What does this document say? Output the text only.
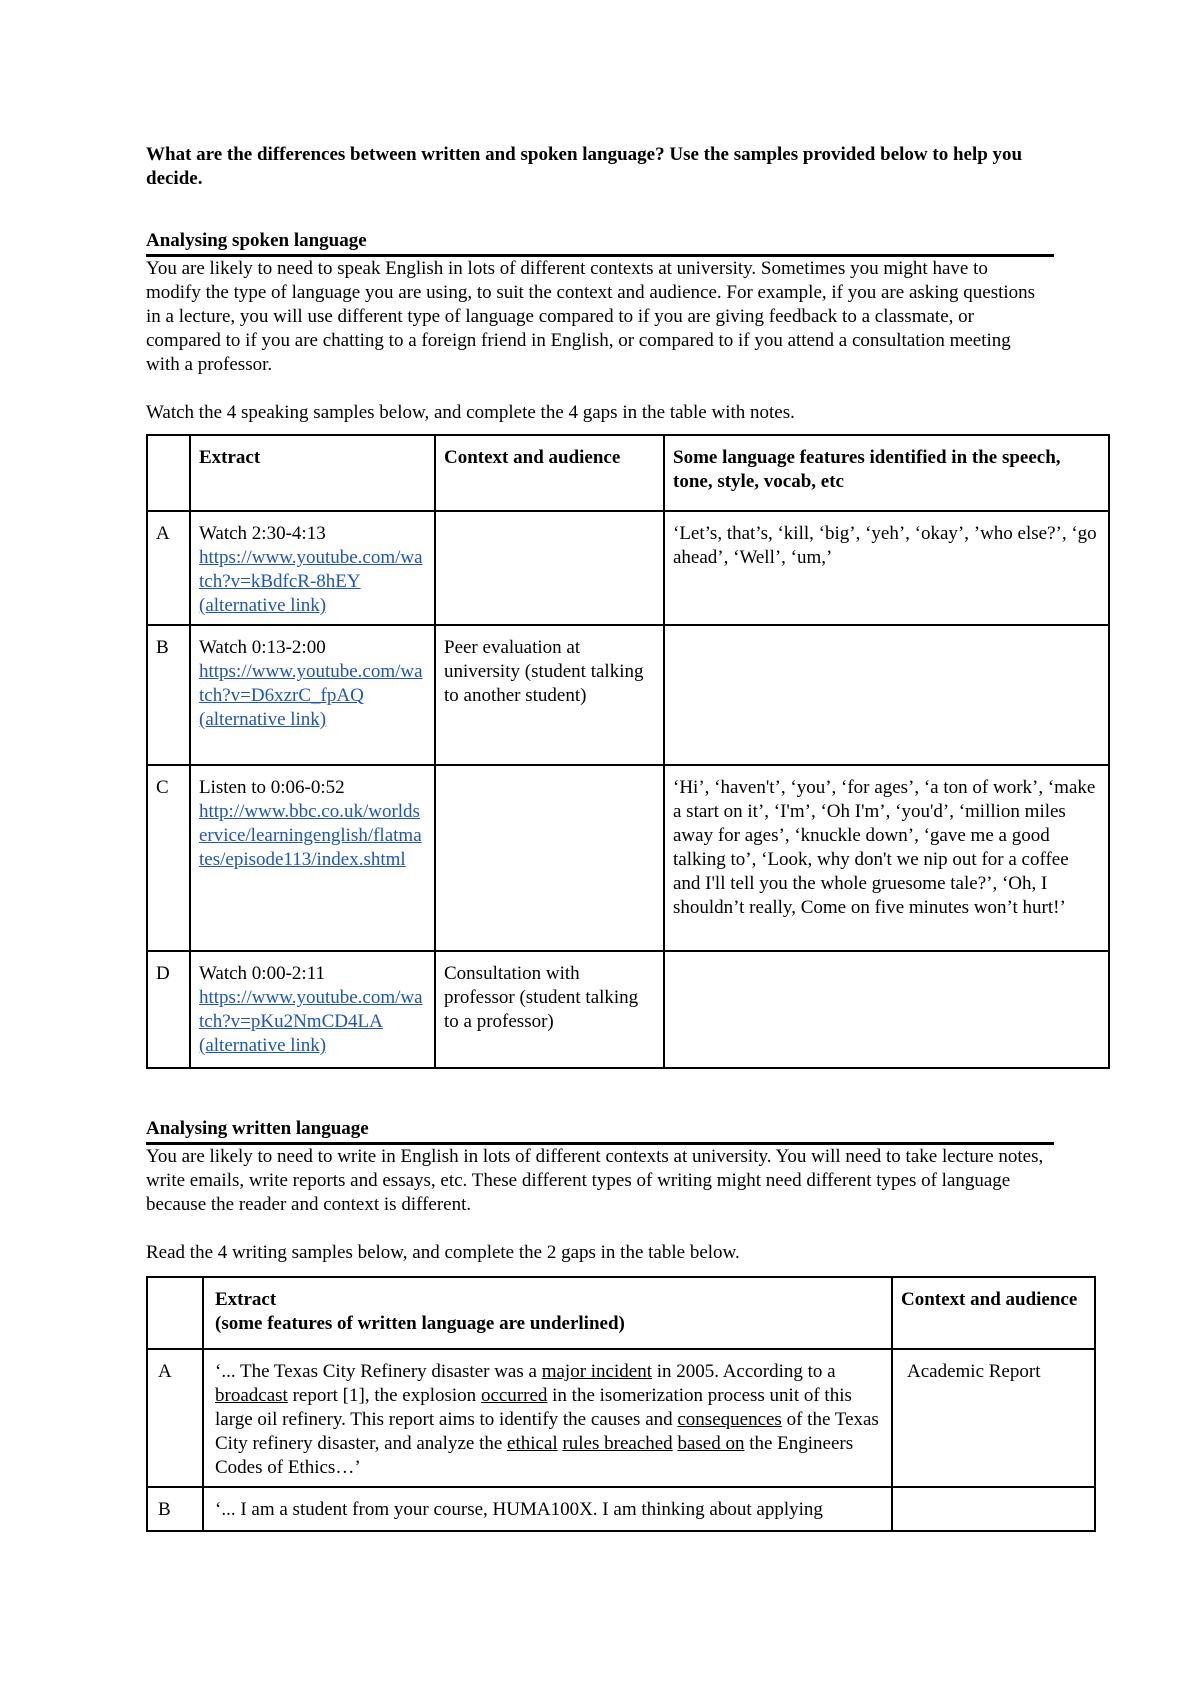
What are the differences between written and spoken language? Use the samples provided below to help you decide.

Analysing spoken language

You are likely to need to speak English in lots of different contexts at university. Sometimes you might have to modify the type of language you are using, to suit the context and audience. For example, if you are asking questions in a lecture, you will use different type of language compared to if you are giving feedback to a classmate, or compared to if you are chatting to a foreign friend in English, or compared to if you attend a consultation meeting with a professor.

Watch the 4 speaking samples below, and complete the 4 gaps in the table with notes.

	Extract	Context and audience	Some language features identified in the speech, tone, style, vocab, etc
A	Watch 2:30-4:13
https://www.youtube.com/watch?v=kBdfcR-8hEY
(alternative link)		‘Let’s, that’s, ‘kill, ‘big’, ‘yeh’, ‘okay’, ’who else?’, ‘go ahead’, ‘Well’, ‘um,’
B	Watch 0:13-2:00
https://www.youtube.com/watch?v=D6xzrC_fpAQ
(alternative link)	Peer evaluation at university (student talking to another student)	
C	Listen to 0:06-0:52
http://www.bbc.co.uk/worldservice/learningenglish/flatmates/episode113/index.shtml		‘Hi’, ‘haven't’, ‘you’, ‘for ages’, ‘a ton of work’, ‘make a start on it’, ‘I'm’, ‘Oh I'm’, ‘you'd’, ‘million miles away for ages’, ‘knuckle down’, ‘gave me a good talking to’, ‘Look, why don't we nip out for a coffee and I'll tell you the whole gruesome tale?’, ‘Oh, I shouldn’t really, Come on five minutes won’t hurt!’
D	Watch 0:00-2:11
https://www.youtube.com/watch?v=pKu2NmCD4LA
(alternative link)	Consultation with professor (student talking to a professor)	

Analysing written language

You are likely to need to write in English in lots of different contexts at university. You will need to take lecture notes, write emails, write reports and essays, etc. These different types of writing might need different types of language because the reader and context is different.

Read the 4 writing samples below, and complete the 2 gaps in the table below.

	Extract
(some features of written language are underlined)	Context and audience
A	‘... The Texas City Refinery disaster was a major incident in 2005. According to a broadcast report [1], the explosion occurred in the isomerization process unit of this large oil refinery. This report aims to identify the causes and consequences of the Texas City refinery disaster, and analyze the ethical rules breached based on the Engineers Codes of Ethics…’	Academic Report
B	‘... I am a student from your course, HUMA100X. I am thinking about applying	
